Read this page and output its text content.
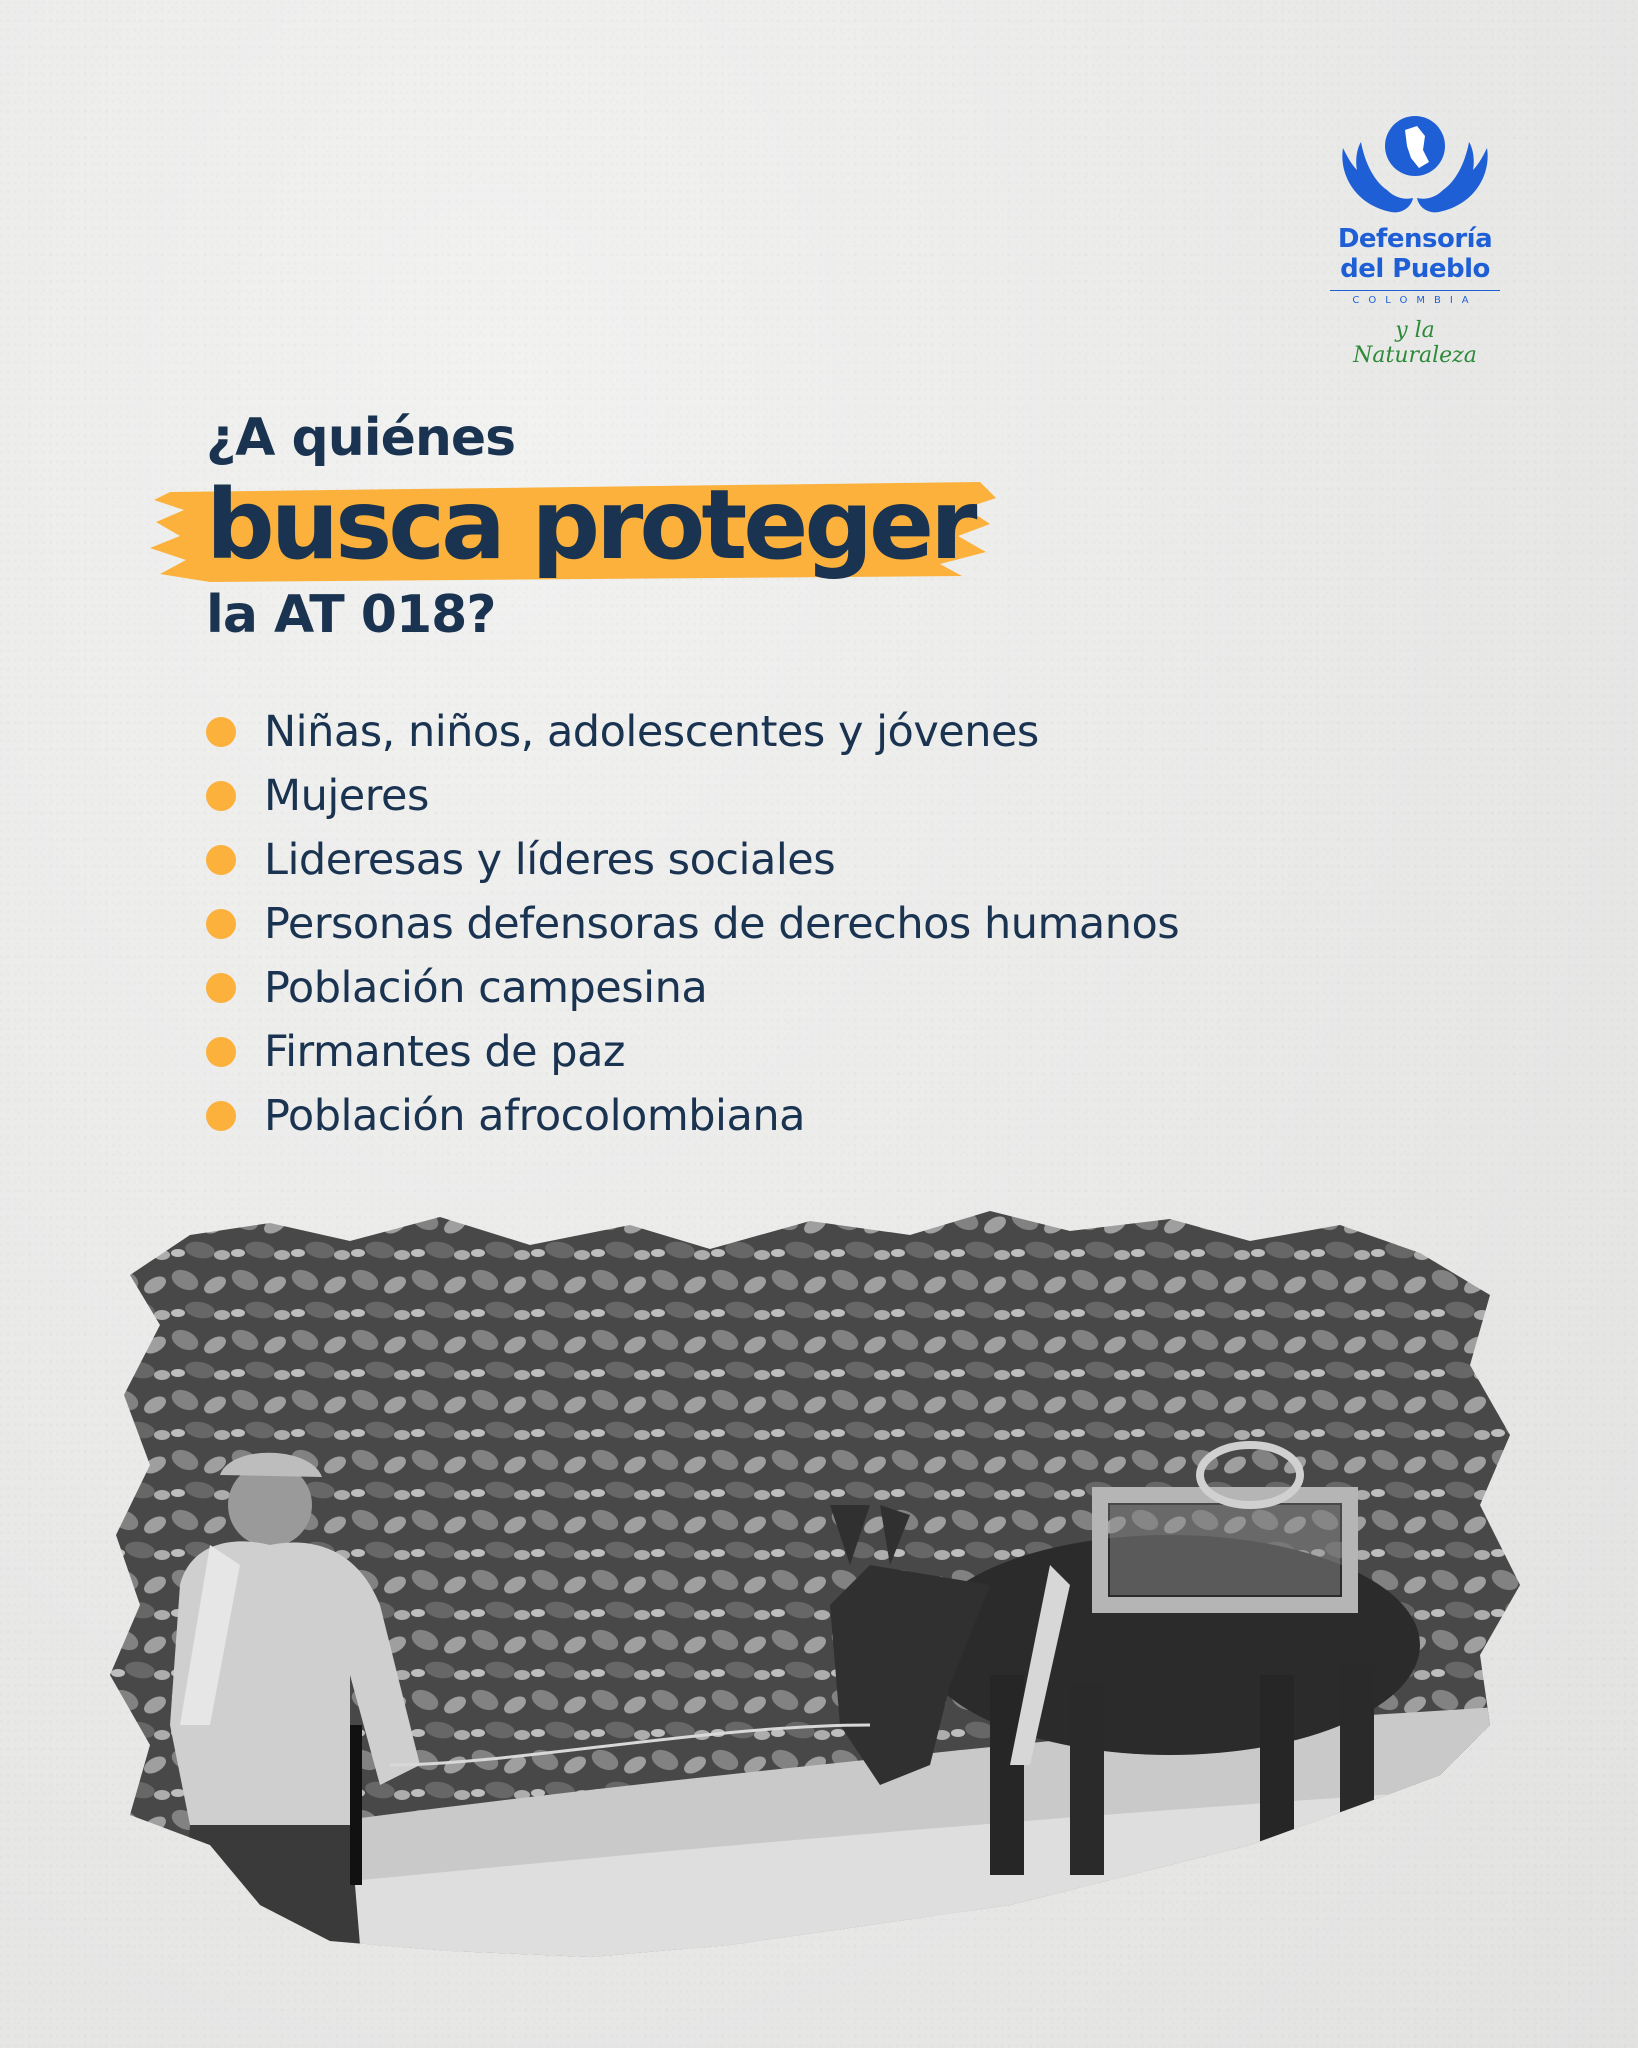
Defensoría
del Pueblo
COLOMBIA
y la Naturaleza
¿A quiénes
busca proteger
la AT 018?
Niñas, niños, adolescentes y jóvenes
Mujeres
Lideresas y líderes sociales
Personas defensoras de derechos humanos
Población campesina
Firmantes de paz
Población afrocolombiana
